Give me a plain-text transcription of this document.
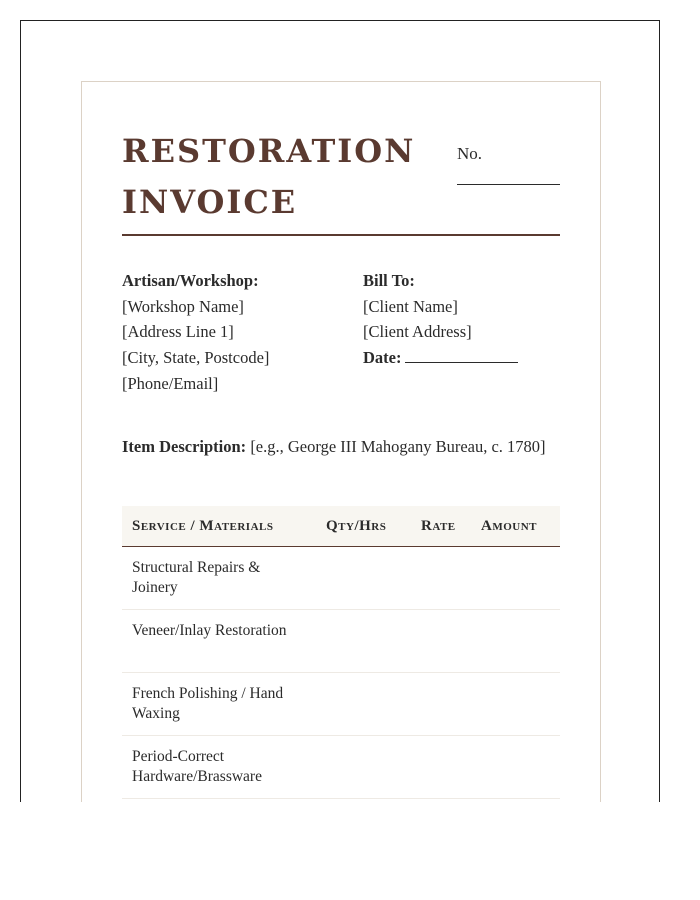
RESTORATION
INVOICE
No.
Artisan/Workshop:
[Workshop Name]
[Address Line 1]
[City, State, Postcode]
[Phone/Email]
Bill To:
[Client Name]
[Client Address]
Date:
Item Description: [e.g., George III Mahogany Bureau, c. 1780]
Service / Materials	Qty/Hrs Rate Amount
Structural Repairs & Joinery
Veneer/Inlay Restoration
French Polishing / Hand Waxing
Period-Correct Hardware/Brassware
